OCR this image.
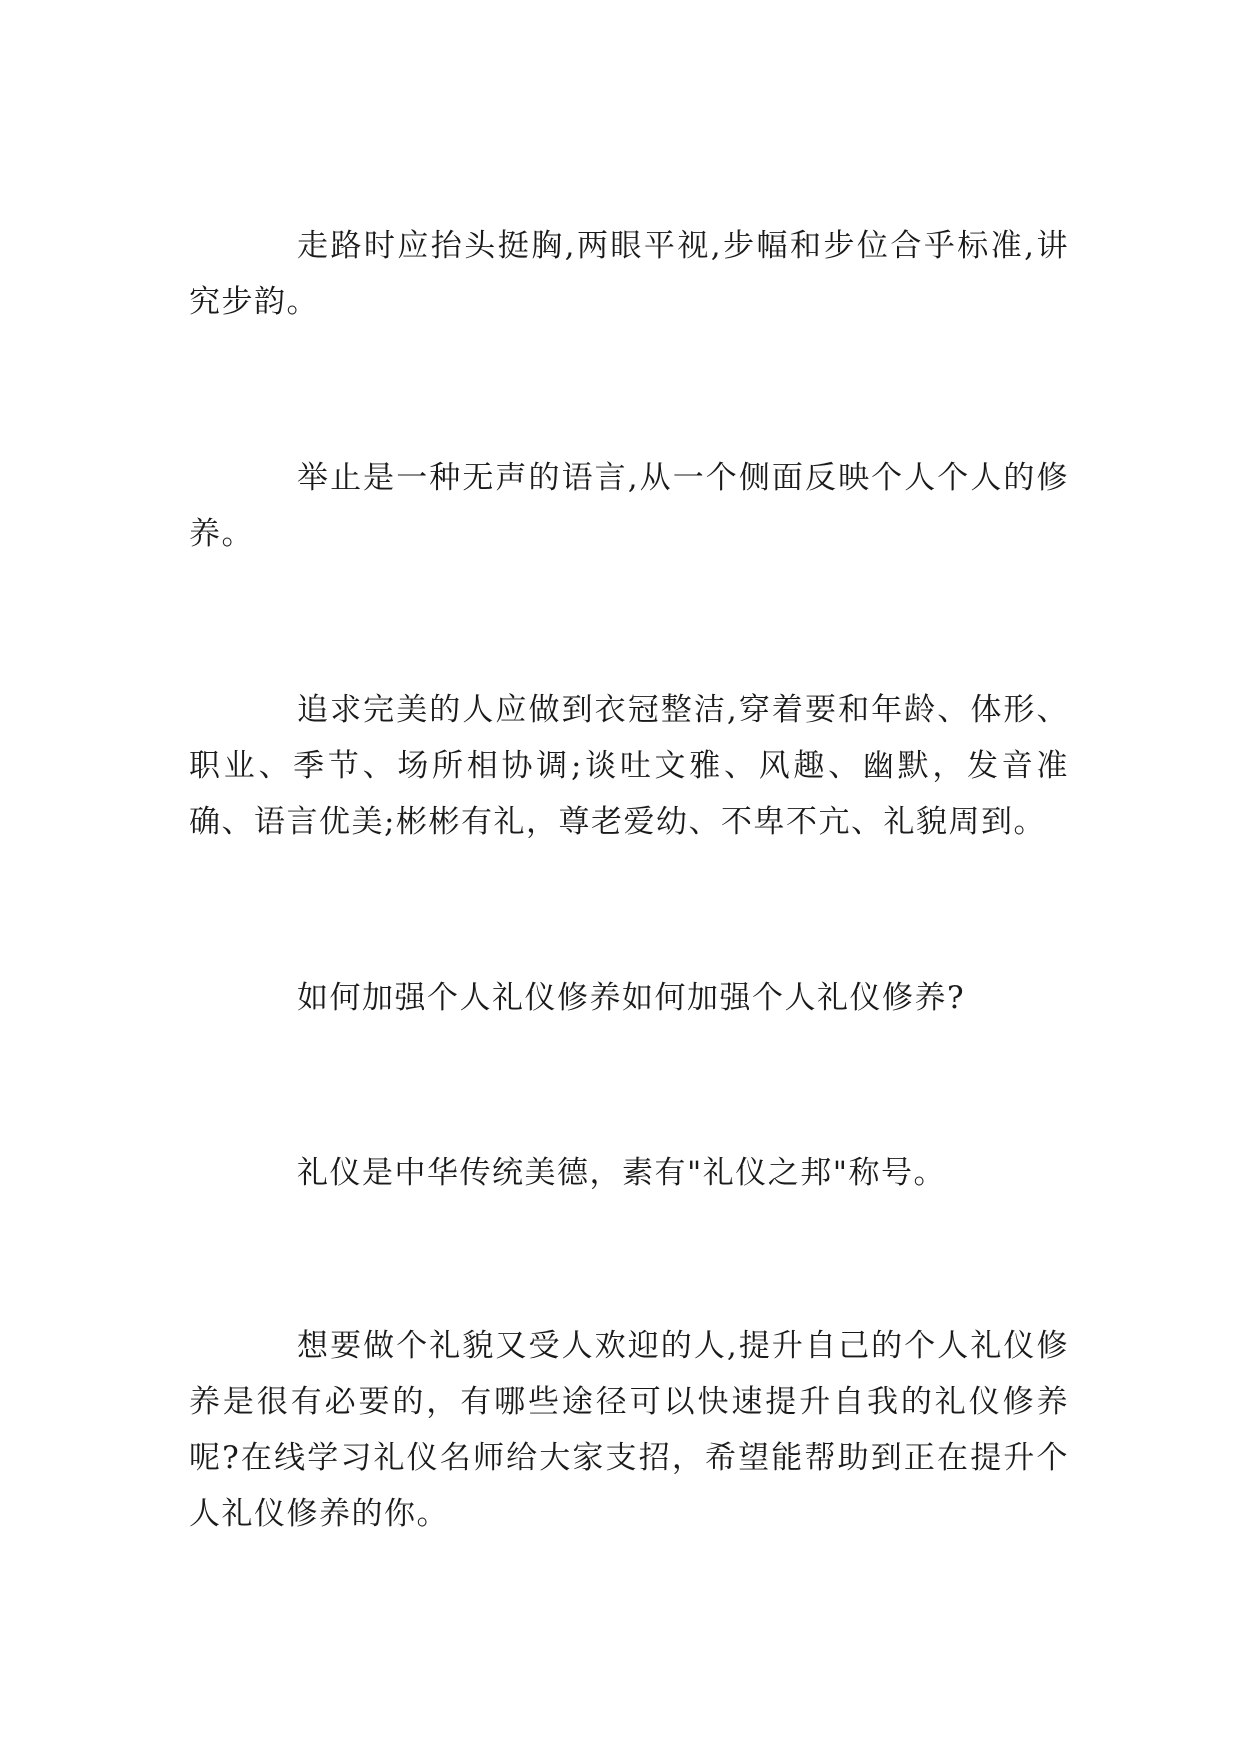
走路时应抬头挺胸,两眼平视,步幅和步位合乎标准,讲究步韵。

举止是一种无声的语言,从一个侧面反映个人个人的修养。

追求完美的人应做到衣冠整洁,穿着要和年龄、体形、职业、季节、场所相协调;谈吐文雅、风趣、幽默，发音准确、语言优美;彬彬有礼，尊老爱幼、不卑不亢、礼貌周到。

如何加强个人礼仪修养如何加强个人礼仪修养?

礼仪是中华传统美德，素有"礼仪之邦"称号。

想要做个礼貌又受人欢迎的人,提升自己的个人礼仪修养是很有必要的，有哪些途径可以快速提升自我的礼仪修养呢?在线学习礼仪名师给大家支招，希望能帮助到正在提升个人礼仪修养的你。
